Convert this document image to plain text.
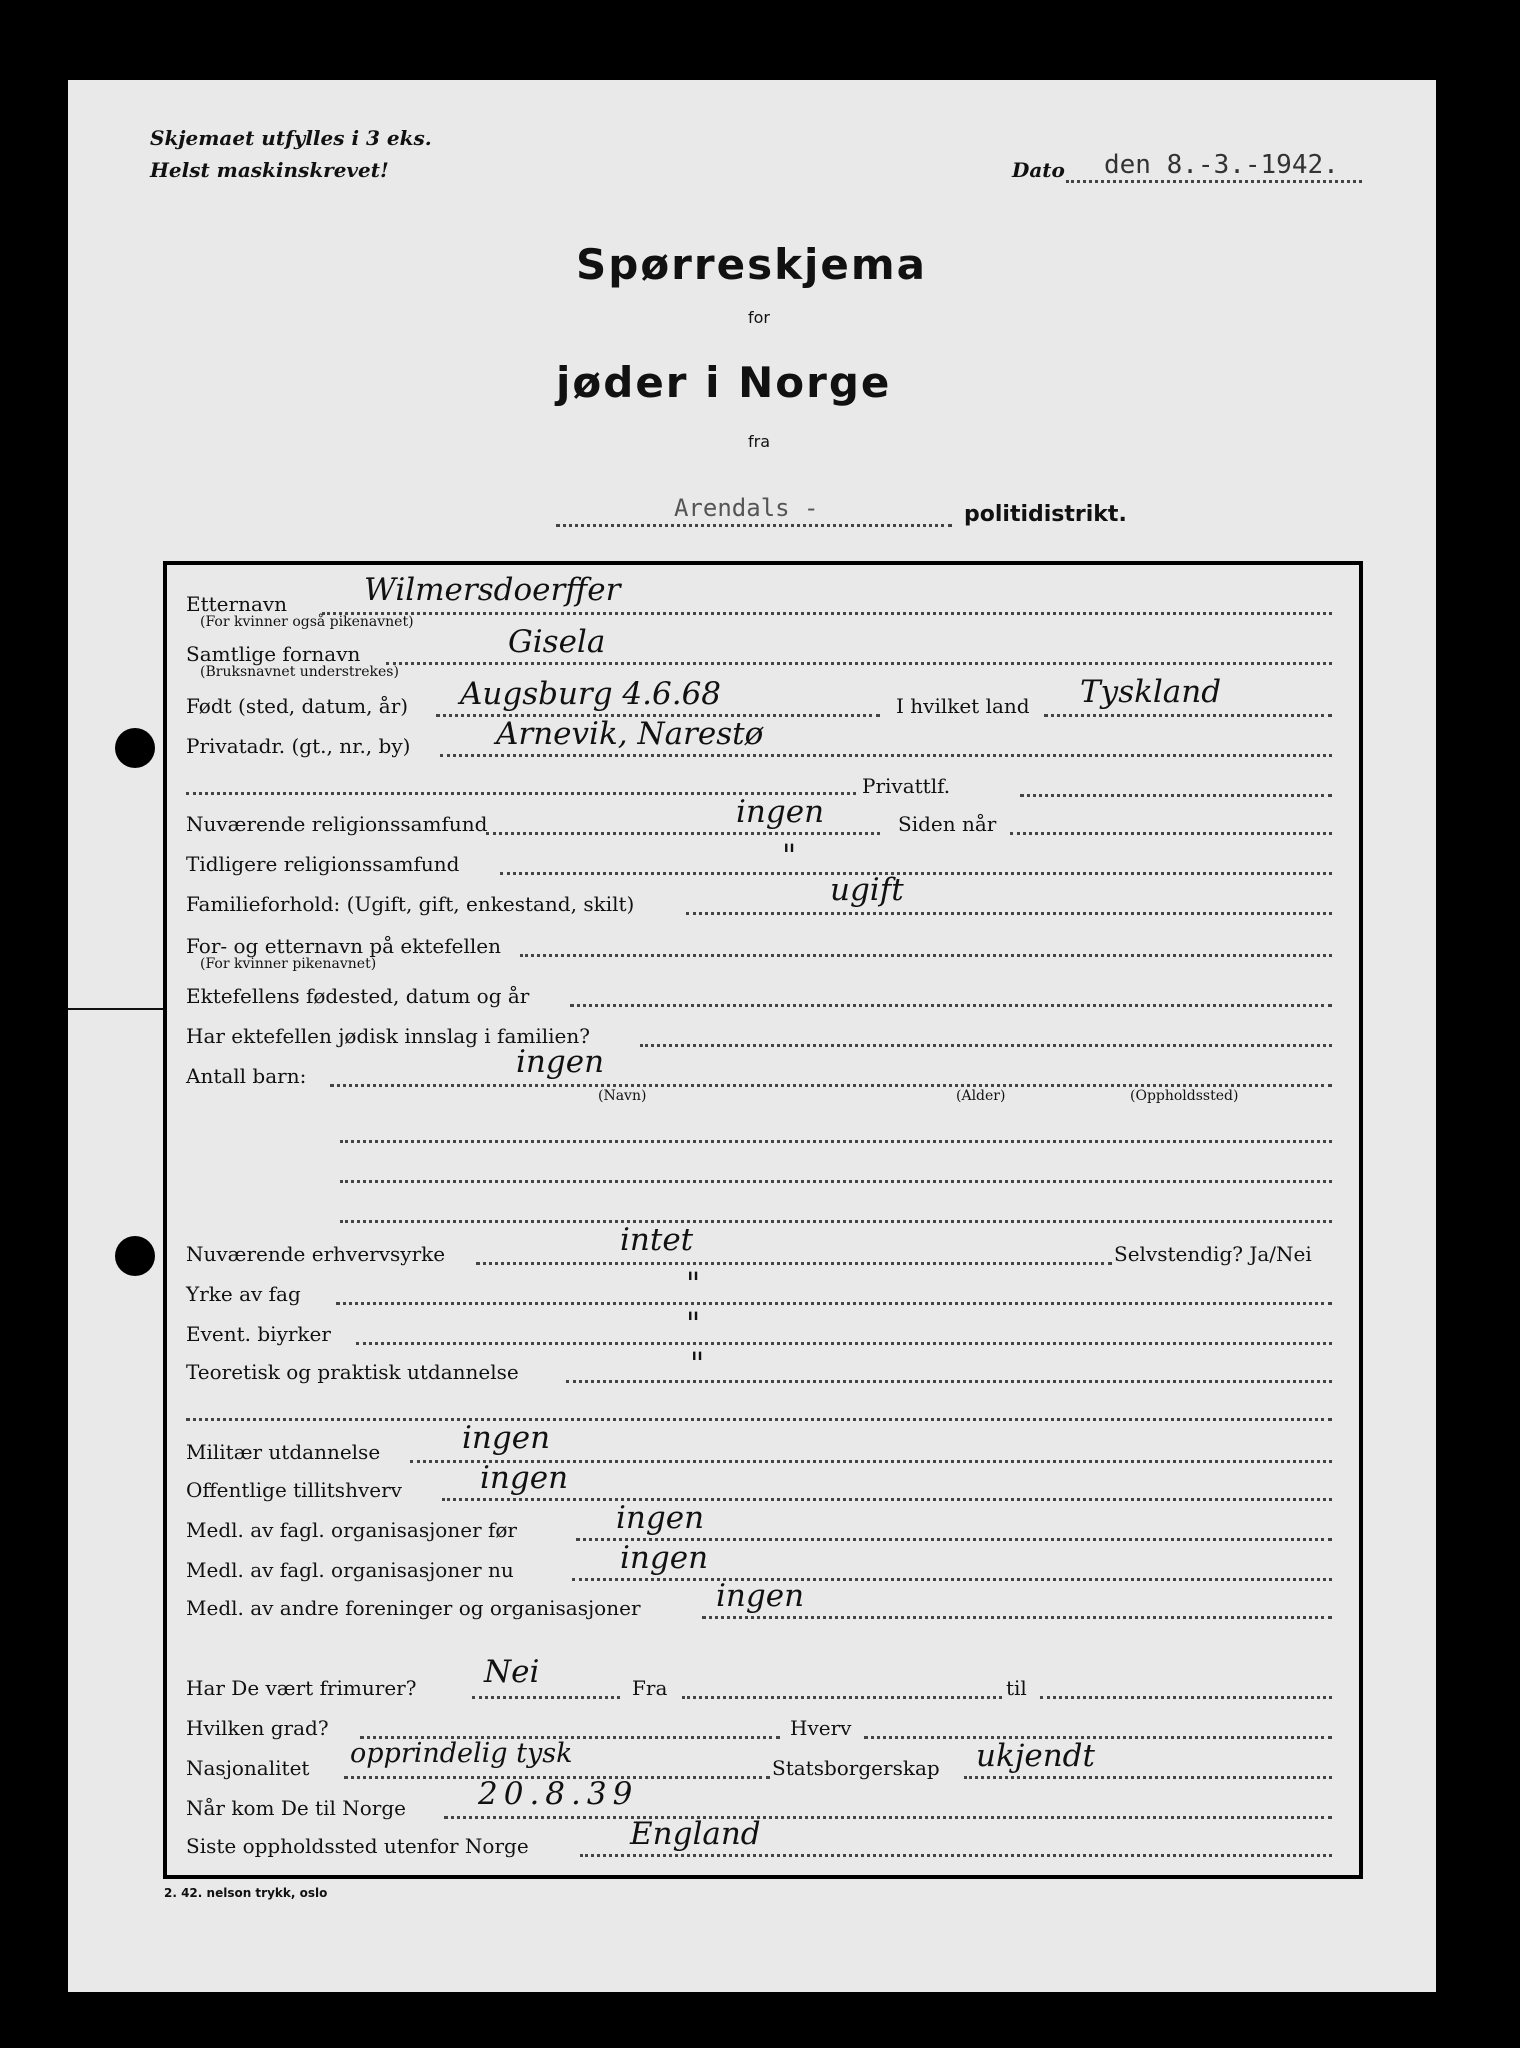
Skjemaet utfylles i 3 eks.
Helst maskinskrevet!	Dato den 8.-3.-1942.
Spørreskjema
for
jøder i Norge
fra
Arendals -	politidistrikt.
Etternavn Wilmersdoerffer
(For kvinner også pikenavnet)
Samtlige fornavn	Gisela
(Bruksnavnet understrekes)
Født (sted, datum, år) Augsburg 4.6.68	I hvilket land Tyskland
Privatadr. (gt., nr., by)	Arnevik, Narestø
Privattlf.
Nuværende religionssamfund	ingen	Siden når
Tidligere religionssamfund	"
Familieforhold: (Ugift, gift, enkestand, skilt)	ugift
For- og etternavn på ektefellen
(For kvinner pikenavnet)
Ektefellens fødested, datum og år
Har ektefellen jødisk innslag i familien?
Antall barn:	ingen
(Navn)	(Alder)	(Oppholdssted)
Nuværende erhvervsyrke	intet	Selvstendig? Ja/Nei
Yrke av fag	"
Event. biyrker	"
Teoretisk og praktisk utdannelse	"
Militær utdannelse	ingen
Offentlige tillitshverv	ingen
Medl. av fagl. organisasjoner før	ingen
Medl. av fagl. organisasjoner nu	ingen
Medl. av andre foreninger og organisasjoner ingen
Har De vært frimurer? Nei	Fra	til
Hvilken grad?	Hverv
Nasjonalitet opprindelig tysk	Statsborgerskap ukjendt
Når kom De til Norge 20.8.39
Siste oppholdssted utenfor Norge	England
2. 42. nelson trykk, oslo
